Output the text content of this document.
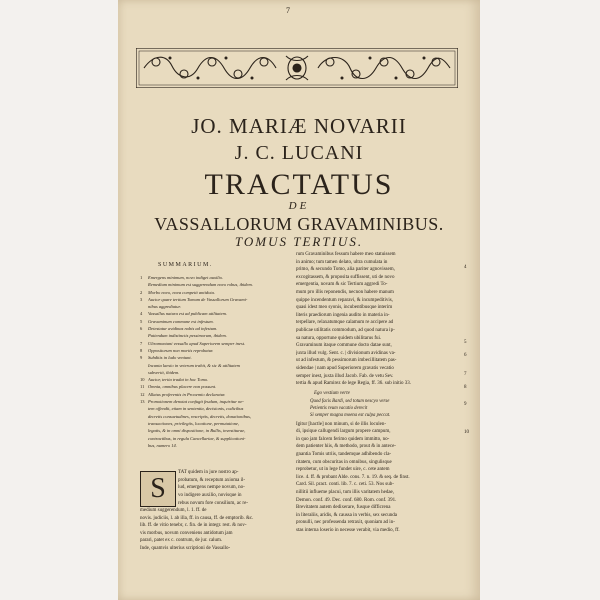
7
JO. MARIÆ NOVARII
J. C. LUCANI
TRACTATUS
DE
VASSALLORUM GRAVAMINIBUS.
TOMUS TERTIUS.
SUMMARIUM.
1	Emergens minimum, novo indiget auxilio.
Remedium minimum est suggerendum novo robus, ibidem.
2	Morbo novo, nova competit antidota.
3	Auctor quare tertium Tomum de Vassallorum Gravami-
nibus aggrediatur.
4	Vassallus natura est ad publicam utilitatem.
5	Gravaminum commune est infestum.
6	Detestatur avidinas nobis ad infestum.
Patiendum indistinctis pessimorum, ibidem.
7	Ultramontani vessallo apud Superiorem semper inest.
8	Oppositorum non mortis reprobatur.
9	Subditis in ludo veniunt.
Incanta laesio in veterum trahit, & sic & utilitatem
subvertit, ibidem.
10 Auctor, tertia tradat in hoc Tomo.
11 Omnia, omnibus placere non possunt.
12 Allatus proferentis in Prooemio declaratur.
13 Promotionem denotat confugit feudum, inquiritur ne-
tem offendit, etiam in sententia, decisionis, codicibus
decretis consuetudines, rescriptis, decretis, donationibus,
transactiones, privilegiis, locatione, permutatione,
legatis, & in omni dispositione, in Bullis, investiturae,
contractibus, in regula Cancellariae, & supplicationi-
bus, numero 14.
S

TAT quidem in jure nostro ap-

probatum, & receptum axioma il-

lud, emergens nempe novum, no-

vo indigere auxilio, novisque in

rebus novum fore consilium, ac re-

medium suggerendum, l. 1. ff. de

novis. judiciis, l. ab illa, ff. in causa, ff. de emptorib. &c.

lib. ff. de vitio tenebr, c. fin. de in integr. rest. & nov-

vis morbus, novum conveniens antidotum jam

parari, patet ex c. contrum, de jur. calum.

Inde, quamvis ulterius scriptioni de Vassallo-

rum Gravaminibus fessum habere meo statuissem

in animo; tum tamen delato, ultra cumulata in

primo, & secundo Tomo, alia pariter agnovissem,

excogitassem, & proposita suffissent, uti de novo

emergentia, novam & sic Tertium aggredi To-

mum pro illis reponendis, necnon habere manum

quippe incendentum reparavi, & incumpeditivis,

quasi idest meo syonis, incubentibusque interim

literis praediorum ingenia audito in materia in-

terpellare, relaxatumque calamum re accipere ad

publicae utilitatis commodum, ad quod natura ip-

sa natura, opportune quidem ubilitarus fui.

Gravaminum itaque commune docto datae sunt,

juxta illud vulg. Sent. c. | divisionum avidinas va-

ut ad infestum, & pessimorum imbecillitatem pas-

sidendae | nam apud Superiorem gravatis vecatio

semper inest, juxta illud Jacob. Fab. de vetu Sev.

tertia & apud Ramirez de lege Regia, ff. 36. sub initio 33.

Ego vestium verte

Quod facis Bardi, sed totum nescyo verse

Petientis reum vacatio derecit

Si semper magna moena est culpa peccat.

Igitur [hactle] non minum, si de illis loculen-

di, ipsique callugendi largum propere campum,

in quo jam falcem ferimo quidem immitto, no-

dem patienter hiis, & methodo, prout & in antece-

gnantia Tomis utriis, tandemque adhibendo cla-

ritatem, cum obscuritas in omnibus, singulisque

reprobetur, ut in lege fundet uire, c. cete antem

lice. 4. ff. & probant Alde. cons. 7. n. 19. & seq. de finst.

Card. Sil. pract. conti. lib. 7. c. ceti. 53. Nos sub-

nillitii influeme placui, tum illis varitatem hedae,

Demon. conf. 49. Dec. conf. 680. Rom. conf. 391.

Brevitatem autem dedixerare, fusque difficrena

in literaliis, aridis, & caussa in verbis, sex secunda

pronulli, nec professenda retraxit, quoniam ad in-

stas interna loserio in necesse verabit, via medio, ff.

4
5
6
7
8
9
10
